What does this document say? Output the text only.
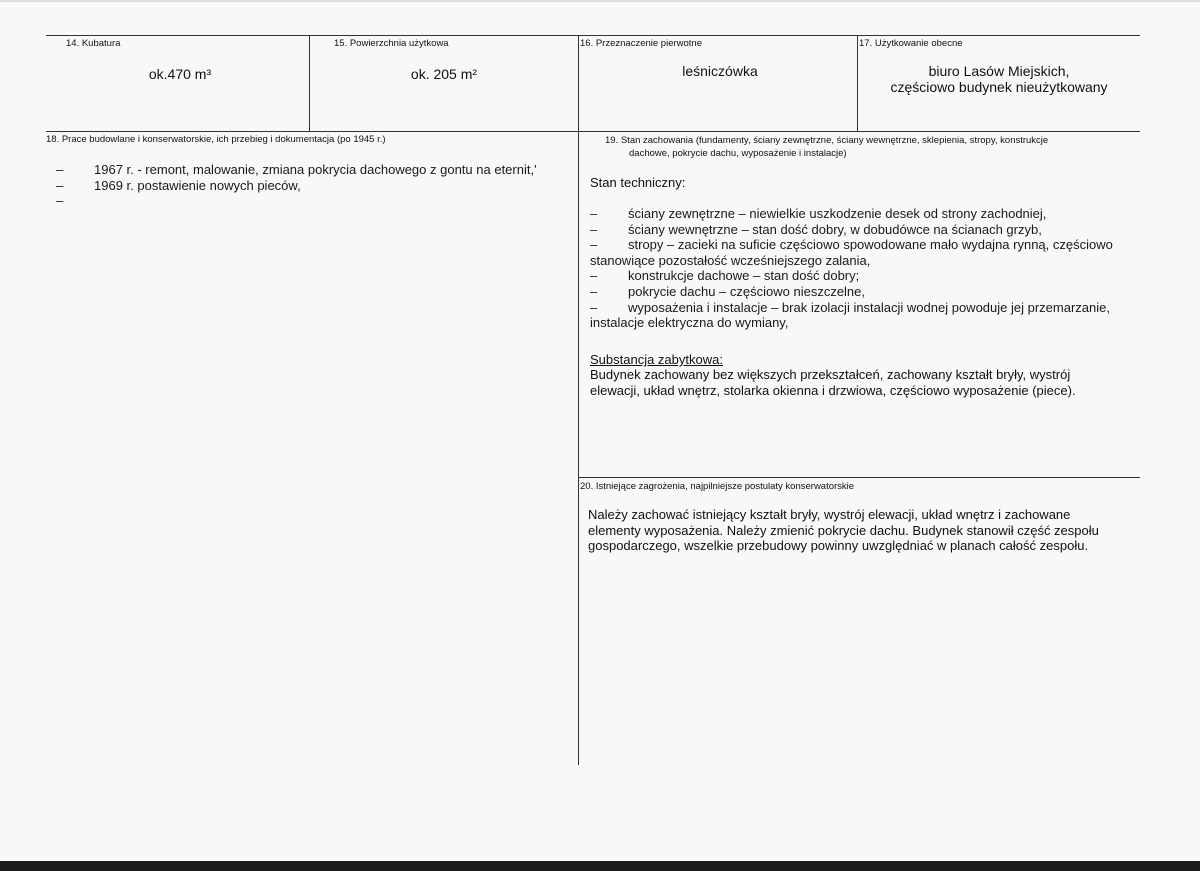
14. Kubatura
ok.470 m³
15. Powierzchnia użytkowa
ok. 205 m²
16. Przeznaczenie pierwotne
leśniczówka
17. Użytkowanie obecne
biuro Lasów Miejskich,
częściowo budynek nieużytkowany
18. Prace budowlane i konserwatorskie, ich przebieg i dokumentacja (po 1945 r.)
– 1967 r. - remont, malowanie, zmiana pokrycia dachowego z gontu na eternit,'
– 1969 r. postawienie nowych pieców,
–
19. Stan zachowania (fundamenty, ściany zewnętrzne, ściany wewnętrzne, sklepienia, stropy, konstrukcje
dachowe, pokrycie dachu, wyposażenie i instalacje)
Stan techniczny:
– ściany zewnętrzne – niewielkie uszkodzenie desek od strony zachodniej,
– ściany wewnętrzne – stan dość dobry, w dobudówce na ścianach grzyb,
– stropy – zacieki na suficie częściowo spowodowane mało wydajna rynną, częściowo
stanowiące pozostałość wcześniejszego zalania,
– konstrukcje dachowe – stan dość dobry;
– pokrycie dachu – częściowo nieszczelne,
– wyposażenia i instalacje – brak izolacji instalacji wodnej powoduje jej przemarzanie,
instalacje elektryczna do wymiany,
Substancja zabytkowa:
Budynek zachowany bez większych przekształceń, zachowany kształt bryły, wystrój elewacji, układ wnętrz, stolarka okienna i drzwiowa, częściowo wyposażenie (piece).
20. Istniejące zagrożenia, najpilniejsze postulaty konserwatorskie
Należy zachować istniejący kształt bryły, wystrój elewacji, układ wnętrz i zachowane elementy wyposażenia. Należy zmienić pokrycie dachu. Budynek stanowił część zespołu gospodarczego, wszelkie przebudowy powinny uwzględniać w planach całość zespołu.
